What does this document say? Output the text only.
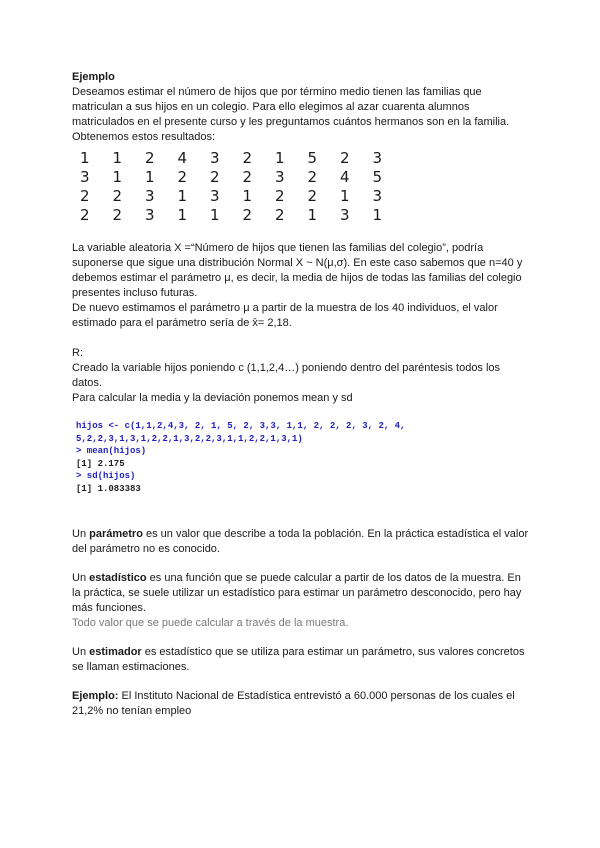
Ejemplo

Deseamos estimar el número de hijos que por término medio tienen las familias que matriculan a sus hijos en un colegio. Para ello elegimos al azar cuarenta alumnos matriculados en el presente curso y les preguntamos cuántos hermanos son en la familia.

Obtenemos estos resultados:

1	1	2	4	3	2	1	5	2	3
3	1	1	2	2	2	3	2	4	5
2	2	3	1	3	1	2	2	1	3
2	2	3	1	1	2	2	1	3	1

La variable aleatoria X =“Número de hijos que tienen las familias del colegio”, podría suponerse que sigue una distribución Normal X ~ N(μ,σ). En este caso sabemos que n=40 y debemos estimar el parámetro μ, es decir, la media de hijos de todas las familias del colegio presentes incluso futuras.

De nuevo estimamos el parámetro μ a partir de la muestra de los 40 individuos, el valor estimado para el parámetro sería de x̄= 2,18.

R:

Creado la variable hijos poniendo c (1,1,2,4…) poniendo dentro del paréntesis todos los datos.

Para calcular la media y la deviación ponemos mean y sd

hijos <- c(1,1,2,4,3, 2, 1, 5, 2, 3,3, 1,1, 2, 2, 2, 3, 2, 4,
5,2,2,3,1,3,1,2,2,1,3,2,2,3,1,1,2,2,1,3,1)
> mean(hijos)
[1] 2.175
> sd(hijos)
[1] 1.083383

Un parámetro es un valor que describe a toda la población. En la práctica estadística el valor del parámetro no es conocido.

Un estadístico es una función que se puede calcular a partir de los datos de la muestra. En la práctica, se suele utilizar un estadístico para estimar un parámetro desconocido, pero hay más funciones.

Todo valor que se puede calcular a través de la muestra.

Un estimador es estadístico que se utiliza para estimar un parámetro, sus valores concretos se llaman estimaciones.

Ejemplo: El Instituto Nacional de Estadística entrevistó a 60.000 personas de los cuales el 21,2% no tenían empleo
